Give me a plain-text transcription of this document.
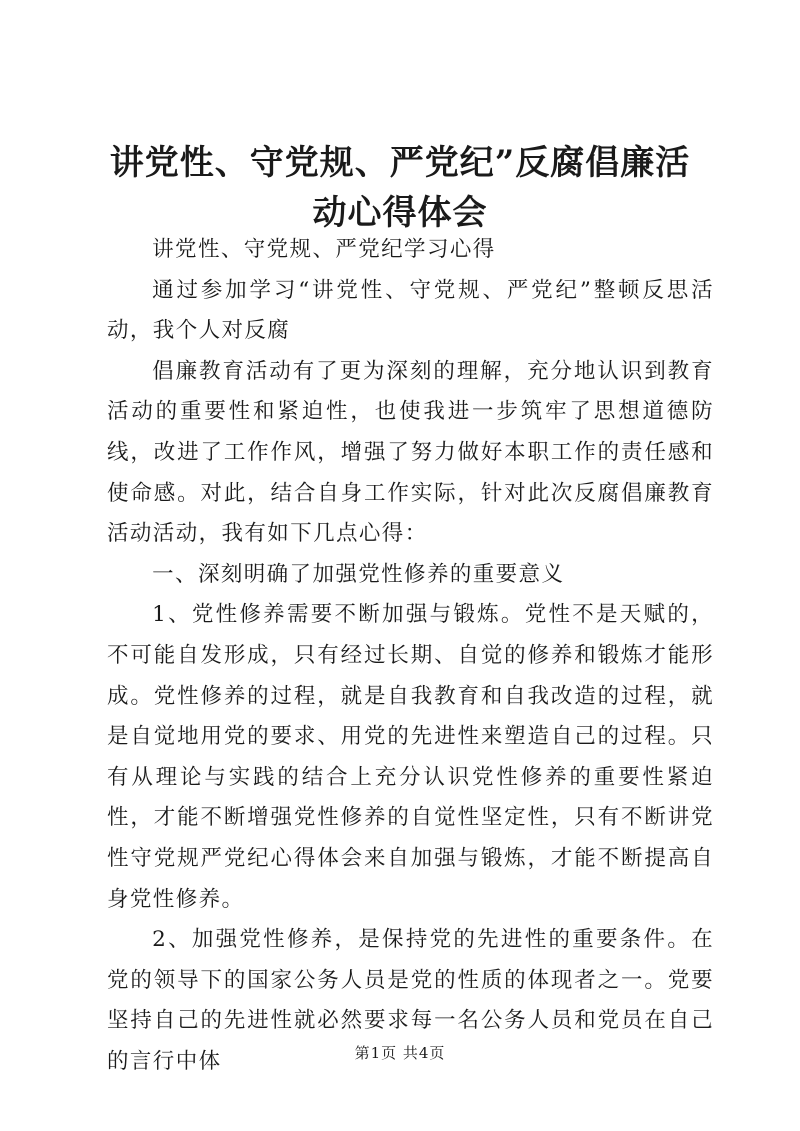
讲党性、守党规、严党纪”反腐倡廉活动心得体会

讲党性、守党规、严党纪学习心得

通过参加学习“讲党性、守党规、严党纪”整顿反思活动，我个人对反腐

倡廉教育活动有了更为深刻的理解，充分地认识到教育活动的重要性和紧迫性，也使我进一步筑牢了思想道德防线，改进了工作作风，增强了努力做好本职工作的责任感和使命感。对此，结合自身工作实际，针对此次反腐倡廉教育活动活动，我有如下几点心得：

一、深刻明确了加强党性修养的重要意义

1、党性修养需要不断加强与锻炼。党性不是天赋的，不可能自发形成，只有经过长期、自觉的修养和锻炼才能形成。党性修养的过程，就是自我教育和自我改造的过程，就是自觉地用党的要求、用党的先进性来塑造自己的过程。只有从理论与实践的结合上充分认识党性修养的重要性紧迫性，才能不断增强党性修养的自觉性坚定性，只有不断讲党性守党规严党纪心得体会来自加强与锻炼，才能不断提高自身党性修养。

2、加强党性修养，是保持党的先进性的重要条件。在党的领导下的国家公务人员是党的性质的体现者之一。党要坚持自己的先进性就必然要求每一名公务人员和党员在自己的言行中体	第1页 共4页
